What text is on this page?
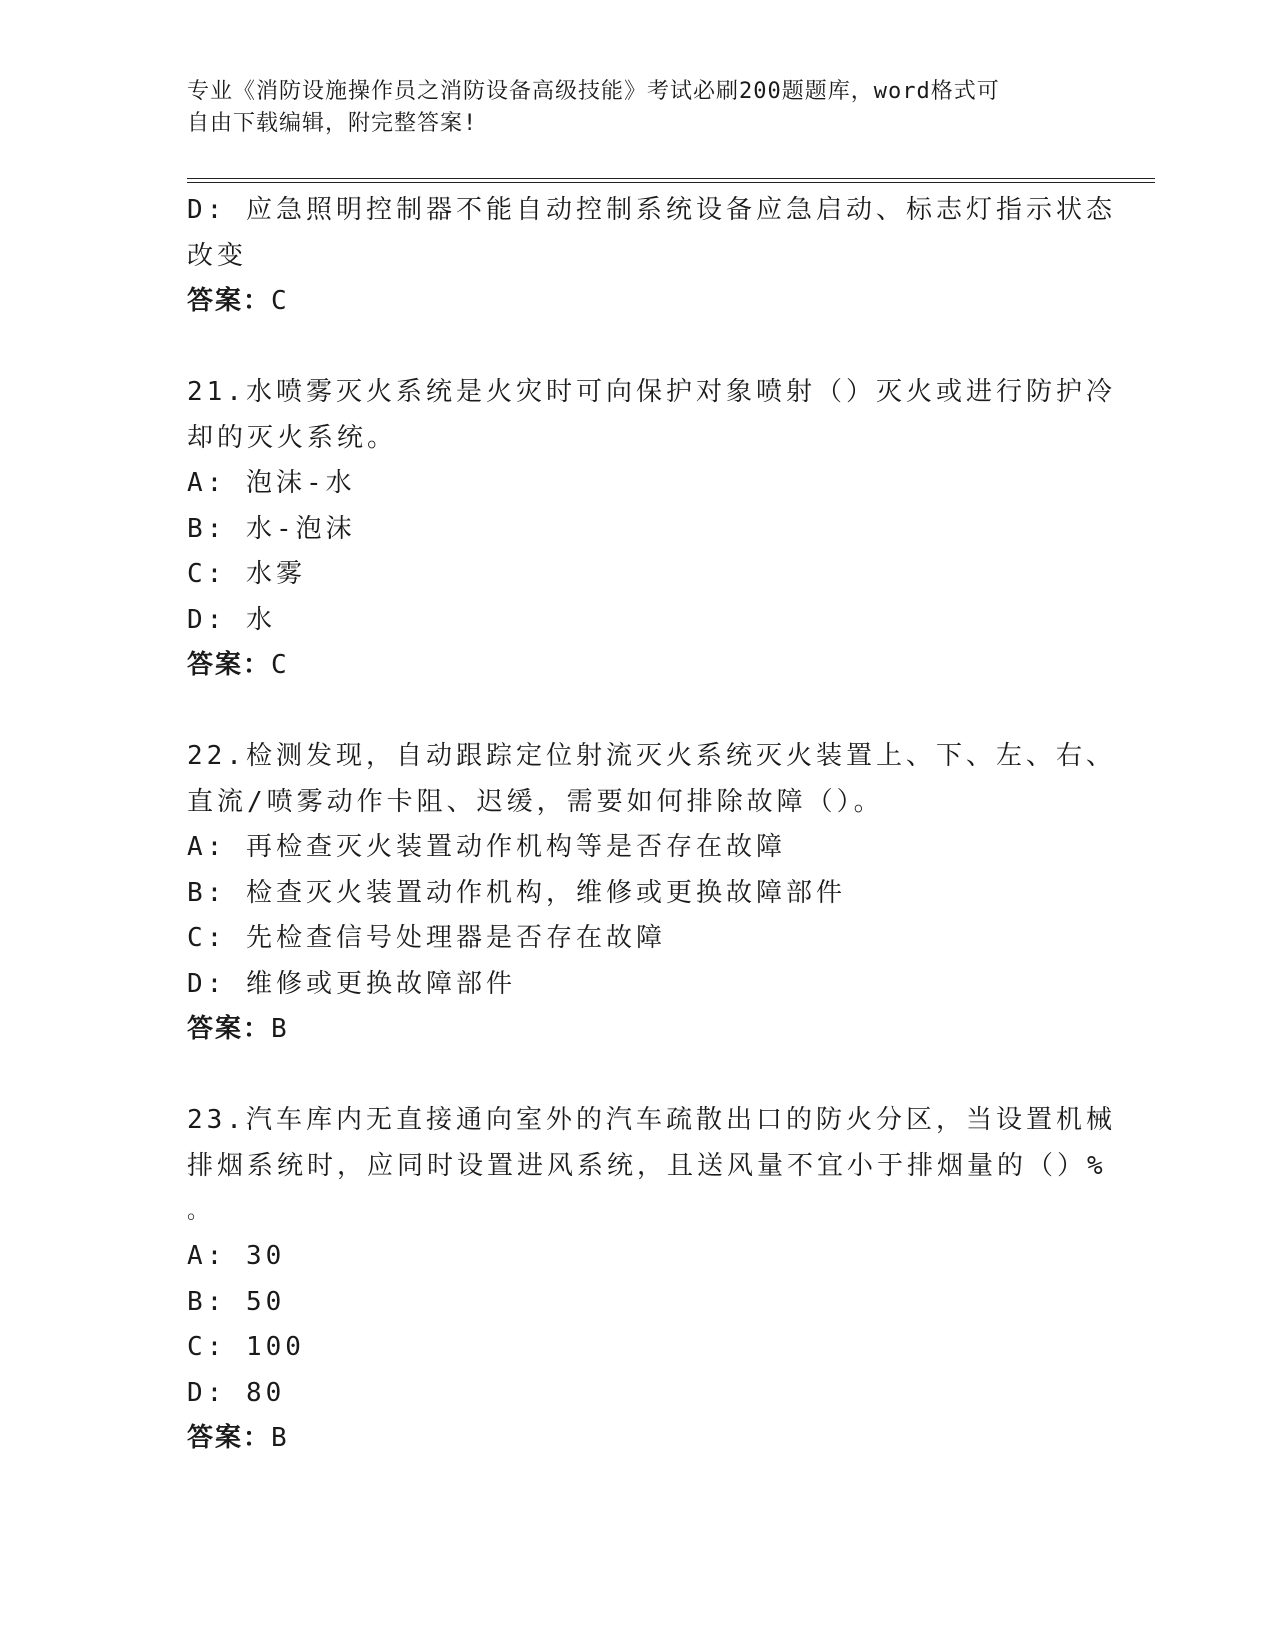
专业《消防设施操作员之消防设备高级技能》考试必刷200题题库，word格式可
自由下载编辑，附完整答案!
D: 应急照明控制器不能自动控制系统设备应急启动、标志灯指示状态
改变
答案：C
21.水喷雾灭火系统是火灾时可向保护对象喷射（）灭火或进行防护冷
却的灭火系统。
A: 泡沫-水
B: 水-泡沫
C: 水雾
D: 水
答案：C
22.检测发现，自动跟踪定位射流灭火系统灭火装置上、下、左、右、
直流/喷雾动作卡阻、迟缓，需要如何排除故障（）。
A: 再检查灭火装置动作机构等是否存在故障
B: 检查灭火装置动作机构，维修或更换故障部件
C: 先检查信号处理器是否存在故障
D: 维修或更换故障部件
答案：B
23.汽车库内无直接通向室外的汽车疏散出口的防火分区，当设置机械
排烟系统时，应同时设置进风系统，且送风量不宜小于排烟量的（）%
。
A: 30
B: 50
C: 100
D: 80
答案：B
